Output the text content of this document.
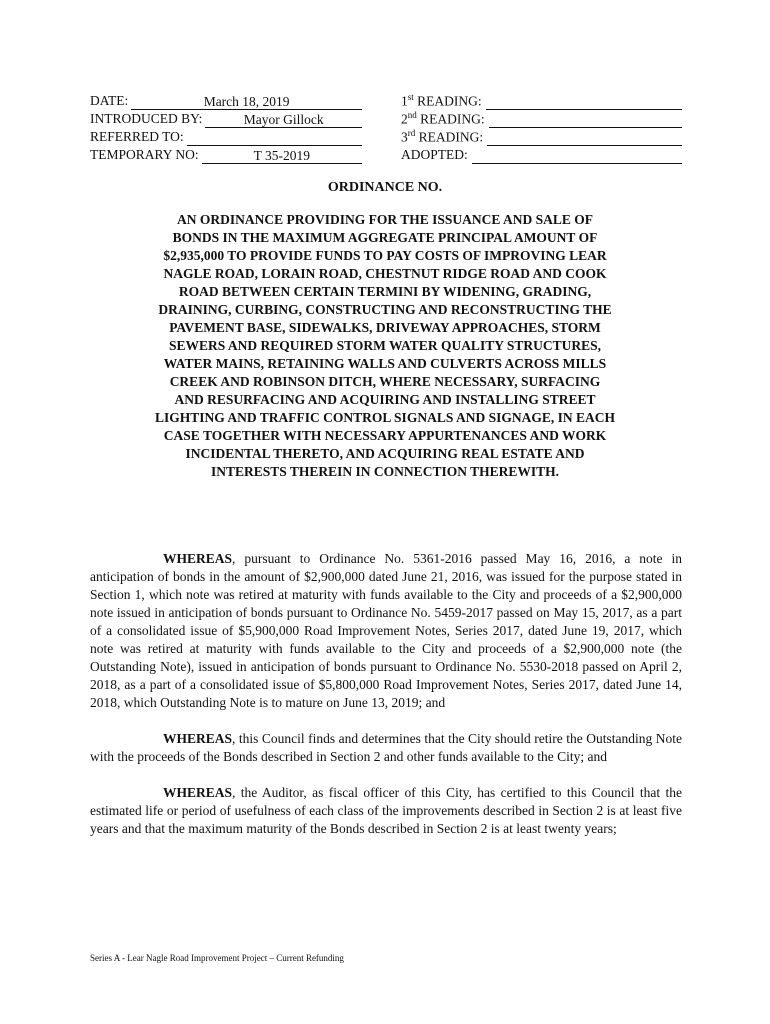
DATE:	March 18, 2019
INTRODUCED BY:	Mayor Gillock
REFERRED TO:
TEMPORARY NO:	T 35-2019
1st READING:
2nd READING:
3rd READING:
ADOPTED:
ORDINANCE NO.
AN ORDINANCE PROVIDING FOR THE ISSUANCE AND SALE OF BONDS IN THE MAXIMUM AGGREGATE PRINCIPAL AMOUNT OF $2,935,000 TO PROVIDE FUNDS TO PAY COSTS OF IMPROVING LEAR NAGLE ROAD, LORAIN ROAD, CHESTNUT RIDGE ROAD AND COOK ROAD BETWEEN CERTAIN TERMINI BY WIDENING, GRADING, DRAINING, CURBING, CONSTRUCTING AND RECONSTRUCTING THE PAVEMENT BASE, SIDEWALKS, DRIVEWAY APPROACHES, STORM SEWERS AND REQUIRED STORM WATER QUALITY STRUCTURES, WATER MAINS, RETAINING WALLS AND CULVERTS ACROSS MILLS CREEK AND ROBINSON DITCH, WHERE NECESSARY, SURFACING AND RESURFACING AND ACQUIRING AND INSTALLING STREET LIGHTING AND TRAFFIC CONTROL SIGNALS AND SIGNAGE, IN EACH CASE TOGETHER WITH NECESSARY APPURTENANCES AND WORK INCIDENTAL THERETO, AND ACQUIRING REAL ESTATE AND INTERESTS THEREIN IN CONNECTION THEREWITH.

WHEREAS, pursuant to Ordinance No. 5361-2016 passed May 16, 2016, a note in anticipation of bonds in the amount of $2,900,000 dated June 21, 2016, was issued for the purpose stated in Section 1, which note was retired at maturity with funds available to the City and proceeds of a $2,900,000 note issued in anticipation of bonds pursuant to Ordinance No. 5459-2017 passed on May 15, 2017, as a part of a consolidated issue of $5,900,000 Road Improvement Notes, Series 2017, dated June 19, 2017, which note was retired at maturity with funds available to the City and proceeds of a $2,900,000 note (the Outstanding Note), issued in anticipation of bonds pursuant to Ordinance No. 5530-2018 passed on April 2, 2018, as a part of a consolidated issue of $5,800,000 Road Improvement Notes, Series 2017, dated June 14, 2018, which Outstanding Note is to mature on June 13, 2019; and

WHEREAS, this Council finds and determines that the City should retire the Outstanding Note with the proceeds of the Bonds described in Section 2 and other funds available to the City; and

WHEREAS, the Auditor, as fiscal officer of this City, has certified to this Council that the estimated life or period of usefulness of each class of the improvements described in Section 2 is at least five years and that the maximum maturity of the Bonds described in Section 2 is at least twenty years;

Series A - Lear Nagle Road Improvement Project – Current Refunding
